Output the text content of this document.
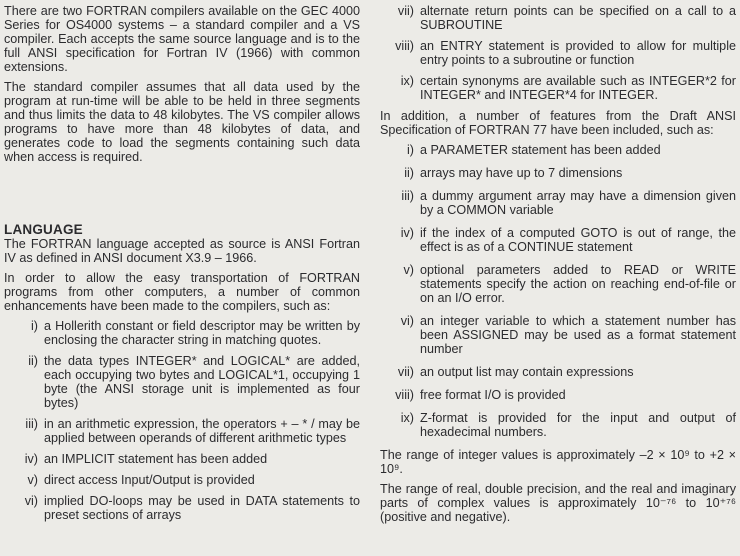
There are two FORTRAN compilers available on the GEC 4000 Series for OS4000 systems – a standard compiler and a VS compiler. Each accepts the same source language and is to the full ANSI specification for Fortran IV (1966) with common extensions.

The standard compiler assumes that all data used by the program at run-time will be able to be held in three segments and thus limits the data to 48 kilobytes. The VS compiler allows programs to have more than 48 kilobytes of data, and generates code to load the segments containing such data when access is required.

LANGUAGE

The FORTRAN language accepted as source is ANSI Fortran IV as defined in ANSI document X3.9 – 1966.

In order to allow the easy transportation of FORTRAN programs from other computers, a number of common enhancements have been made to the compilers, such as:

i) a Hollerith constant or field descriptor may be written by enclosing the character string in matching quotes.
ii) the data types INTEGER* and LOGICAL* are added, each occupying two bytes and LOGICAL*1, occupying 1 byte (the ANSI storage unit is implemented as four bytes)
iii) in an arithmetic expression, the operators + – * / may be applied between operands of different arithmetic types
iv) an IMPLICIT statement has been added
v) direct access Input/Output is provided
vi) implied DO-loops may be used in DATA statements to preset sections of arrays
vii) alternate return points can be specified on a call to a SUBROUTINE
viii) an ENTRY statement is provided to allow for multiple entry points to a subroutine or function
ix) certain synonyms are available such as INTEGER*2 for INTEGER* and INTEGER*4 for INTEGER.

In addition, a number of features from the Draft ANSI Specification of FORTRAN 77 have been included, such as:

i) a PARAMETER statement has been added
ii) arrays may have up to 7 dimensions
iii) a dummy argument array may have a dimension given by a COMMON variable
iv) if the index of a computed GOTO is out of range, the effect is as of a CONTINUE statement
v) optional parameters added to READ or WRITE statements specify the action on reaching end-of-file or on an I/O error.
vi) an integer variable to which a statement number has been ASSIGNED may be used as a format statement number
vii) an output list may contain expressions
viii) free format I/O is provided
ix) Z-format is provided for the input and output of hexadecimal numbers.

The range of integer values is approximately –2 × 10⁹ to +2 × 10⁹.

The range of real, double precision, and the real and imaginary parts of complex values is approximately 10⁻⁷⁶ to 10⁺⁷⁶ (positive and negative).
